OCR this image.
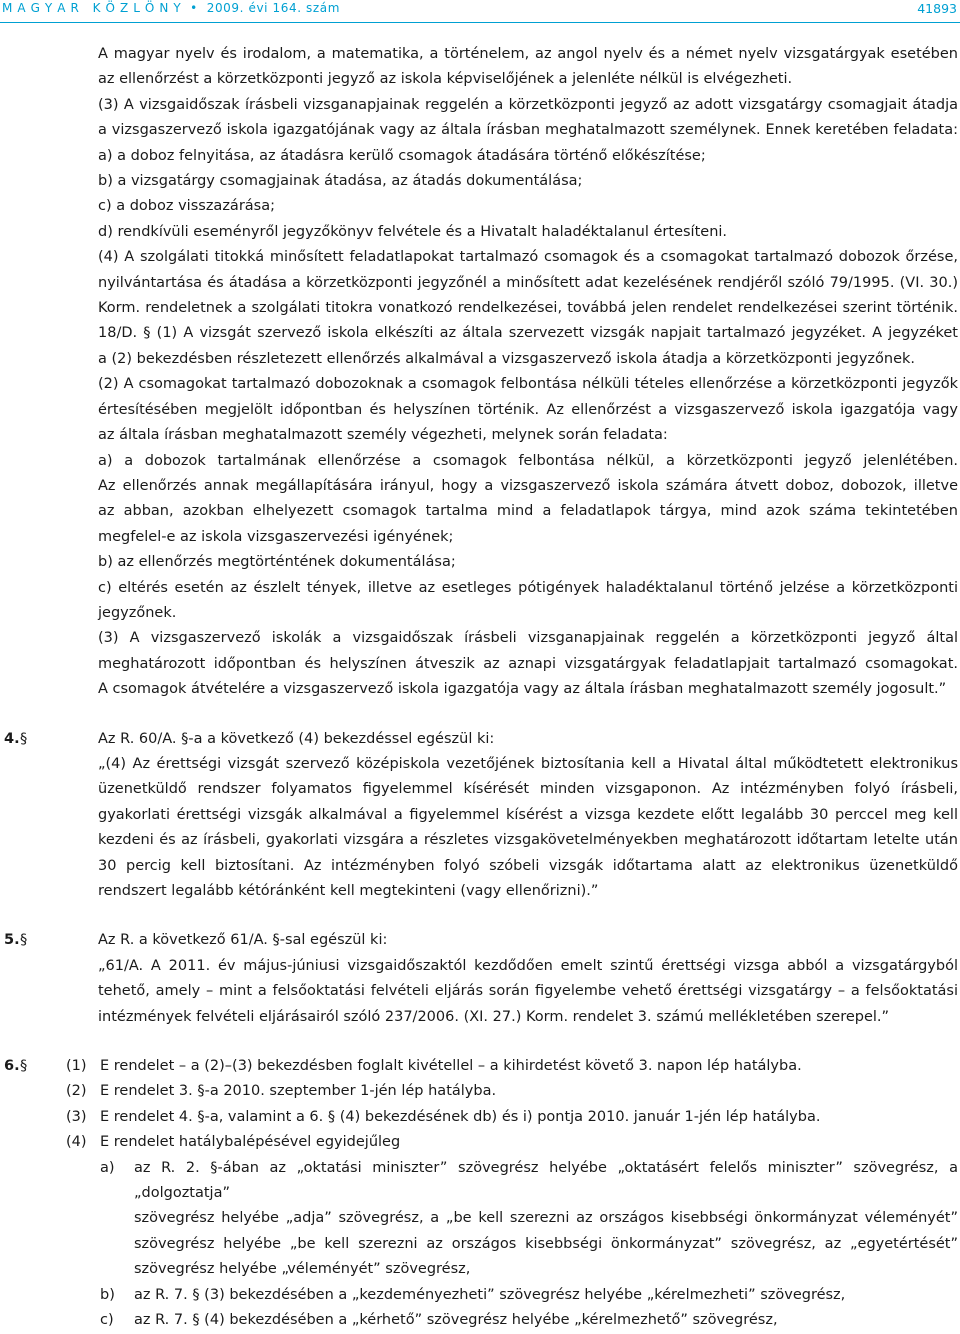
M A G Y A R   K Ö Z L Ö N Y • 2009. évi 164. szám	41893

A magyar nyelv és irodalom, a matematika, a történelem, az angol nyelv és a német nyelv vizsgatárgyak esetében

az ellenőrzést a körzetközponti jegyző az iskola képviselőjének a jelenléte nélkül is elvégezheti.

(3) A vizsgaidőszak írásbeli vizsganapjainak reggelén a körzetközponti jegyző az adott vizsgatárgy csomagjait átadja

a vizsgaszervező iskola igazgatójának vagy az általa írásban meghatalmazott személynek. Ennek keretében feladata:

a) a doboz felnyitása, az átadásra kerülő csomagok átadására történő előkészítése;

b) a vizsgatárgy csomagjainak átadása, az átadás dokumentálása;

c) a doboz visszazárása;

d) rendkívüli eseményről jegyzőkönyv felvétele és a Hivatalt haladéktalanul értesíteni.

(4) A szolgálati titokká minősített feladatlapokat tartalmazó csomagok és a csomagokat tartalmazó dobozok őrzése,

nyilvántartása és átadása a körzetközponti jegyzőnél a minősített adat kezelésének rendjéről szóló 79/1995. (VI. 30.)

Korm. rendeletnek a szolgálati titokra vonatkozó rendelkezései, továbbá jelen rendelet rendelkezései szerint történik.

18/D. § (1) A vizsgát szervező iskola elkészíti az általa szervezett vizsgák napjait tartalmazó jegyzéket. A jegyzéket

a (2) bekezdésben részletezett ellenőrzés alkalmával a vizsgaszervező iskola átadja a körzetközponti jegyzőnek.

(2) A csomagokat tartalmazó dobozoknak a csomagok felbontása nélküli tételes ellenőrzése a körzetközponti jegyzők

értesítésében megjelölt időpontban és helyszínen történik. Az ellenőrzést a vizsgaszervező iskola igazgatója vagy

az általa írásban meghatalmazott személy végezheti, melynek során feladata:

a) a dobozok tartalmának ellenőrzése a csomagok felbontása nélkül, a körzetközponti jegyző jelenlétében.

Az ellenőrzés annak megállapítására irányul, hogy a vizsgaszervező iskola számára átvett doboz, dobozok, illetve

az abban, azokban elhelyezett csomagok tartalma mind a feladatlapok tárgya, mind azok száma tekintetében

megfelel-e az iskola vizsgaszervezési igényének;

b) az ellenőrzés megtörténtének dokumentálása;

c) eltérés esetén az észlelt tények, illetve az esetleges pótigények haladéktalanul történő jelzése a körzetközponti

jegyzőnek.

(3) A vizsgaszervező iskolák a vizsgaidőszak írásbeli vizsganapjainak reggelén a körzetközponti jegyző által

meghatározott időpontban és helyszínen átveszik az aznapi vizsgatárgyak feladatlapjait tartalmazó csomagokat.

A csomagok átvételére a vizsgaszervező iskola igazgatója vagy az általa írásban meghatalmazott személy jogosult.”

4. §	Az R. 60/A. §-a a következő (4) bekezdéssel egészül ki:

„(4) Az érettségi vizsgát szervező középiskola vezetőjének biztosítania kell a Hivatal által működtetett elektronikus

üzenetküldő rendszer folyamatos figyelemmel kísérését minden vizsgaponon. Az intézményben folyó írásbeli,

gyakorlati érettségi vizsgák alkalmával a figyelemmel kísérést a vizsga kezdete előtt legalább 30 perccel meg kell

kezdeni és az írásbeli, gyakorlati vizsgára a részletes vizsgakövetelményekben meghatározott időtartam letelte után

30 percig kell biztosítani. Az intézményben folyó szóbeli vizsgák időtartama alatt az elektronikus üzenetküldő

rendszert legalább kétóránként kell megtekinteni (vagy ellenőrizni).”

5. §	Az R. a következő 61/A. §-sal egészül ki:

„61/A. A 2011. év május-júniusi vizsgaidőszaktól kezdődően emelt szintű érettségi vizsga abból a vizsgatárgyból

tehető, amely – mint a felsőoktatási felvételi eljárás során figyelembe vehető érettségi vizsgatárgy – a felsőoktatási

intézmények felvételi eljárásairól szóló 237/2006. (XI. 27.) Korm. rendelet 3. számú mellékletében szerepel.”

6. §	(1) E rendelet – a (2)–(3) bekezdésben foglalt kivétellel – a kihirdetést követő 3. napon lép hatályba.

(2) E rendelet 3. §-a 2010. szeptember 1-jén lép hatályba.

(3) E rendelet 4. §-a, valamint a 6. § (4) bekezdésének db) és i) pontja 2010. január 1-jén lép hatályba.

(4) E rendelet hatálybalépésével egyidejűleg

a) az R. 2. §-ában az „oktatási miniszter” szövegrész helyébe „oktatásért felelős miniszter” szövegrész, a „dolgoztatja”

szövegrész helyébe „adja” szövegrész, a „be kell szerezni az országos kisebbségi önkormányzat véleményét”

szövegrész helyébe „be kell szerezni az országos kisebbségi önkormányzat” szövegrész, az „egyetértését”

szövegrész helyébe „véleményét” szövegrész,

b) az R. 7. § (3) bekezdésében a „kezdeményezheti” szövegrész helyébe „kérelmezheti” szövegrész,

c) az R. 7. § (4) bekezdésében a „kérhető” szövegrész helyébe „kérelmezhető” szövegrész,
